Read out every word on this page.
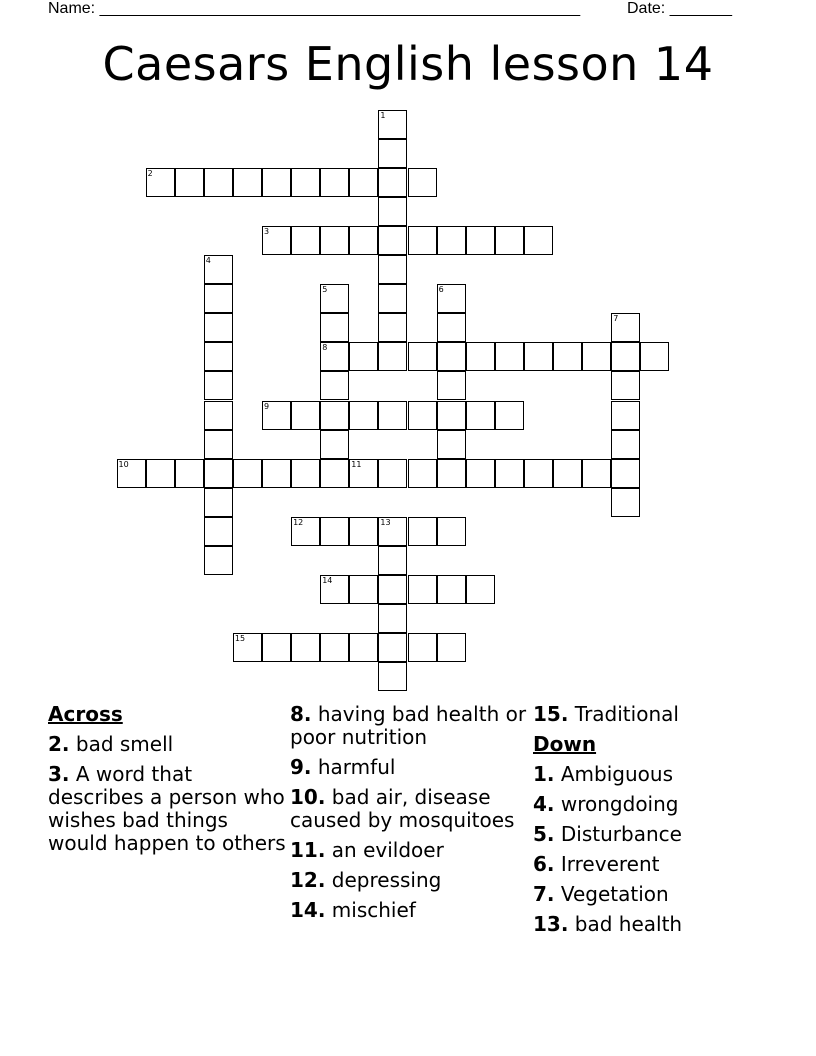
Name: ______________________________________________________	Date: _______
Caesars English lesson 14
1
2
3
4
5
8
6
7
9
10	11
12	13
14
15
Across
2. bad smell
3. A word that describes a person who wishes bad things would happen to others
8. having bad health or poor nutrition
9. harmful
10. bad air, disease caused by mosquitoes
11. an evildoer
12. depressing
14. mischief
15. Traditional
Down
1. Ambiguous
4. wrongdoing
5. Disturbance
6. Irreverent
7. Vegetation
13. bad health
